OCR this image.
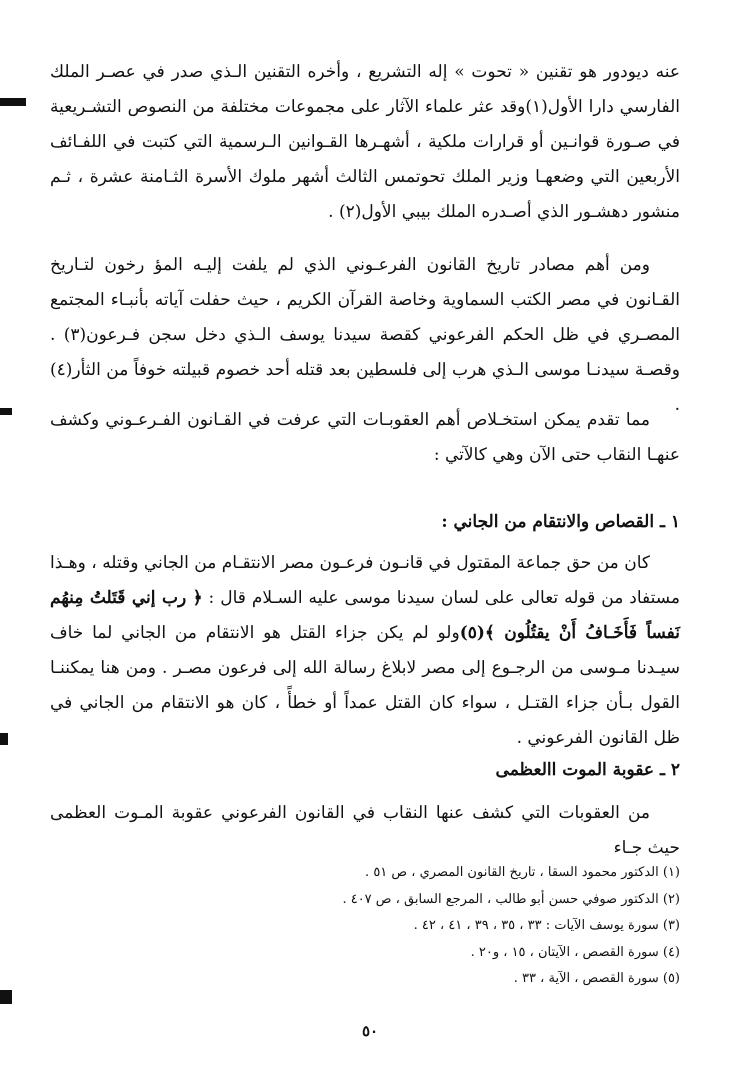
عنه ديودور هو تقنين « تحوت » إله التشريع ، وأخره التقنين الـذي صدر في عصـر الملك الفارسي دارا الأول(١)وقد عثر علماء الآثار على مجموعات مختلفة من النصوص التشـريعية في صـورة قوانـين أو قرارات ملكية ، أشهـرها القـوانين الـرسمية التي كتبت في اللفـائف الأربعين التي وضعهـا وزير الملك تحوتمس الثالث أشهر ملوك الأسرة الثـامنة عشرة ، ثـم منشور دهشـور الذي أصـدره الملك بيبي الأول(٢) .

ومن أهم مصادر تاريخ القانون الفرعـوني الذي لم يلفت إليـه المؤ رخون لتـاريخ القـانون في مصر الكتب السماوية وخاصة القرآن الكريم ، حيث حفلت آياته بأنبـاء المجتمع المصـري في ظل الحكم الفرعوني كقصة سيدنا يوسف الـذي دخل سجن فـرعون(٣) . وقصـة سيدنـا موسى الـذي هرب إلى فلسطين بعد قتله أحد خصوم قبيلته خوفاً من الثأر(٤) .

مما تقدم يمكن استخـلاص أهم العقوبـات التي عرفت في القـانون الفـرعـوني وكشف عنهـا النقاب حتى الآن وهي كالآتي :

١ ـ القصاص والانتقام من الجاني :

كان من حق جماعة المقتول في قانـون فرعـون مصر الانتقـام من الجاني وقتله ، وهـذا مستفاد من قوله تعالى على لسان سيدنا موسى عليه السـلام قال : ﴿ رب إني قَتَلتُ مِنهُم نَفساً فَأَخَـافُ أَنْ يقتُلُون ﴾(٥)ولو لم يكن جزاء القتل هو الانتقام من الجاني لما خاف سيـدنا مـوسى من الرجـوع إلى مصر لابلاغ رسالة الله إلى فرعون مصـر . ومن هنا يمكننـا القول بـأن جزاء القتـل ، سواء كان القتل عمداً أو خطأً ، كان هو الانتقام من الجاني في ظل القانون الفرعوني .

٢ ـ عقوبة الموت االعظمى

من العقوبات التي كشف عنها النقاب في القانون الفرعوني عقوبة المـوت العظمى حيث جـاء

(١) الدكتور محمود السقا ، تاريخ القانون المصري ، ص ٥١ .
(٢) الدكتور صوفي حسن أبو طالب ، المرجع السابق ، ص ٤٠٧ .
(٣) سورة يوسف الآيات : ٣٣ ، ٣٥ ، ٣٩ ، ٤١ ، ٤٢ .
(٤) سورة القصص ، الآيتان ، ١٥ ، و٢٠ .
(٥) سورة القصص ، الآية ، ٣٣ .
٥٠
